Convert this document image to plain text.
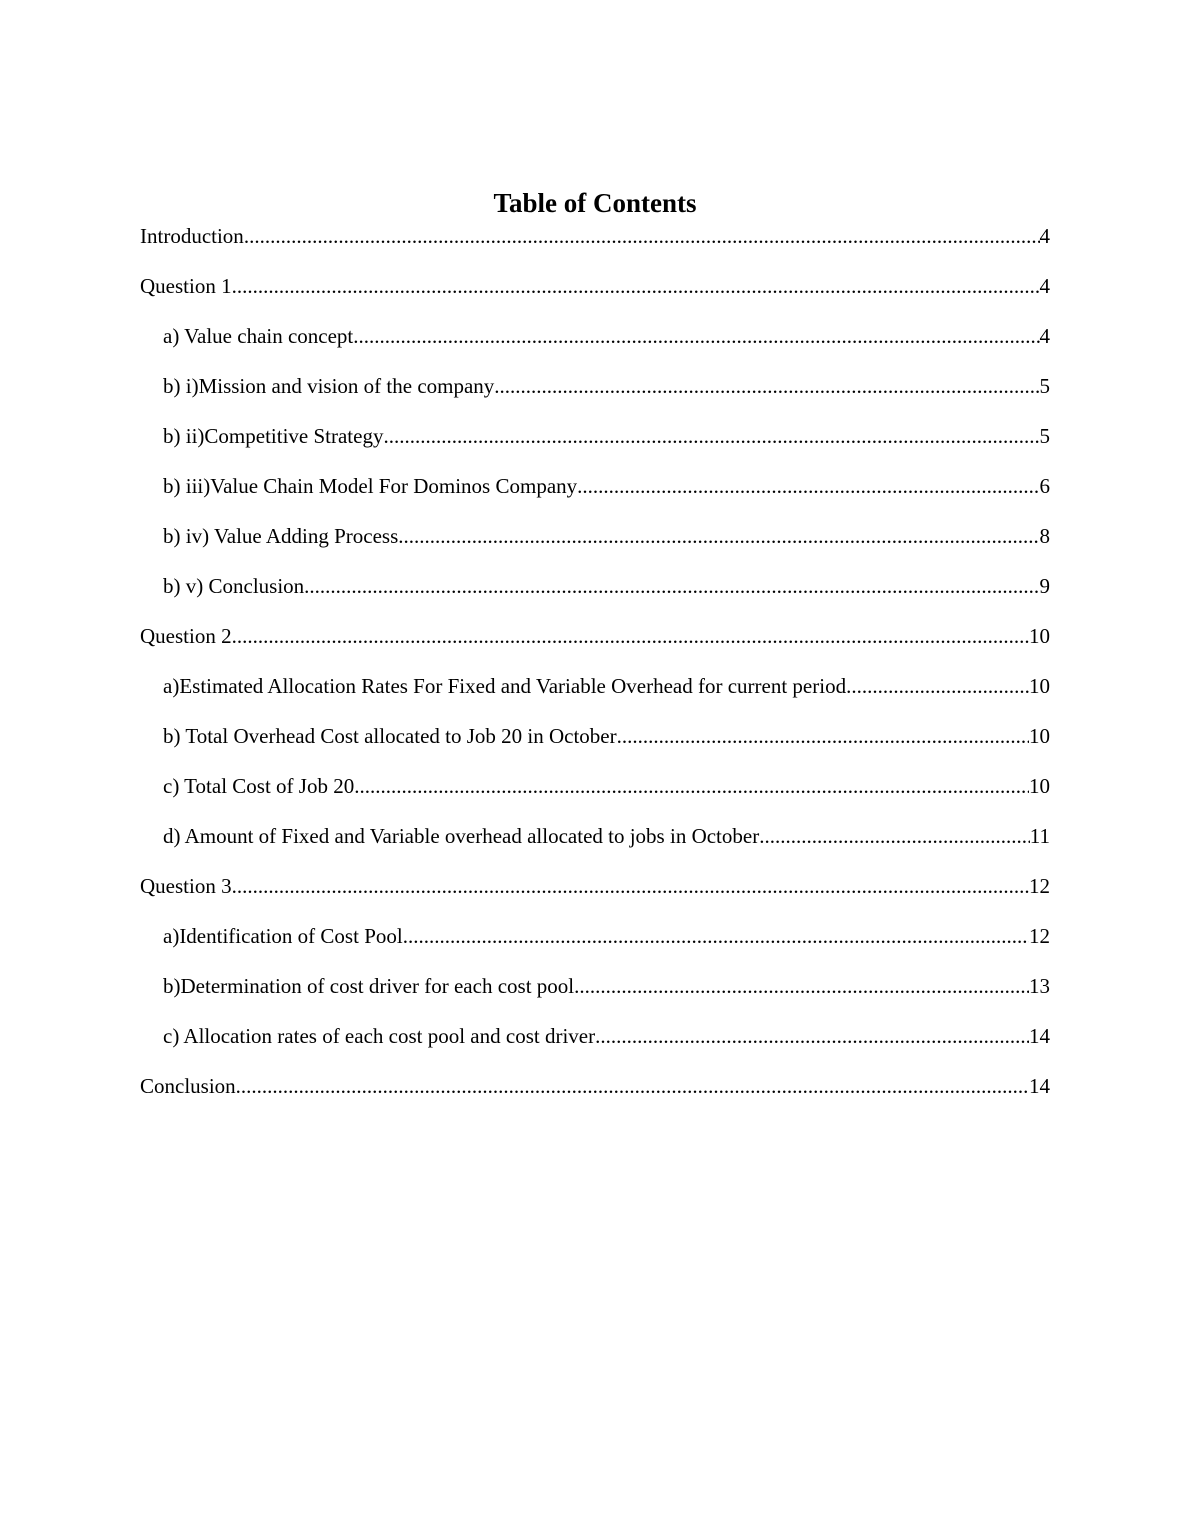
Table of Contents
Introduction .....	4
Question 1 .....	4
a) Value chain concept .....	4
b) i)Mission and vision of the company .....	5
b) ii)Competitive Strategy .....	5
b) iii)Value Chain Model For Dominos Company .....	6
b) iv) Value Adding Process .....	8
b) v) Conclusion .....	9
Question 2 .....	10
a)Estimated Allocation Rates For Fixed and Variable Overhead for current period .....	10
b) Total Overhead Cost allocated to Job 20 in October .....	10
c) Total Cost of Job 20 .....	10
d) Amount of Fixed and Variable overhead allocated to jobs in October .....	11
Question 3 .....	12
a)Identification of Cost Pool .....	12
b)Determination of cost driver for each cost pool .....	13
c) Allocation rates of each cost pool and cost driver .....	14
Conclusion .....	14
